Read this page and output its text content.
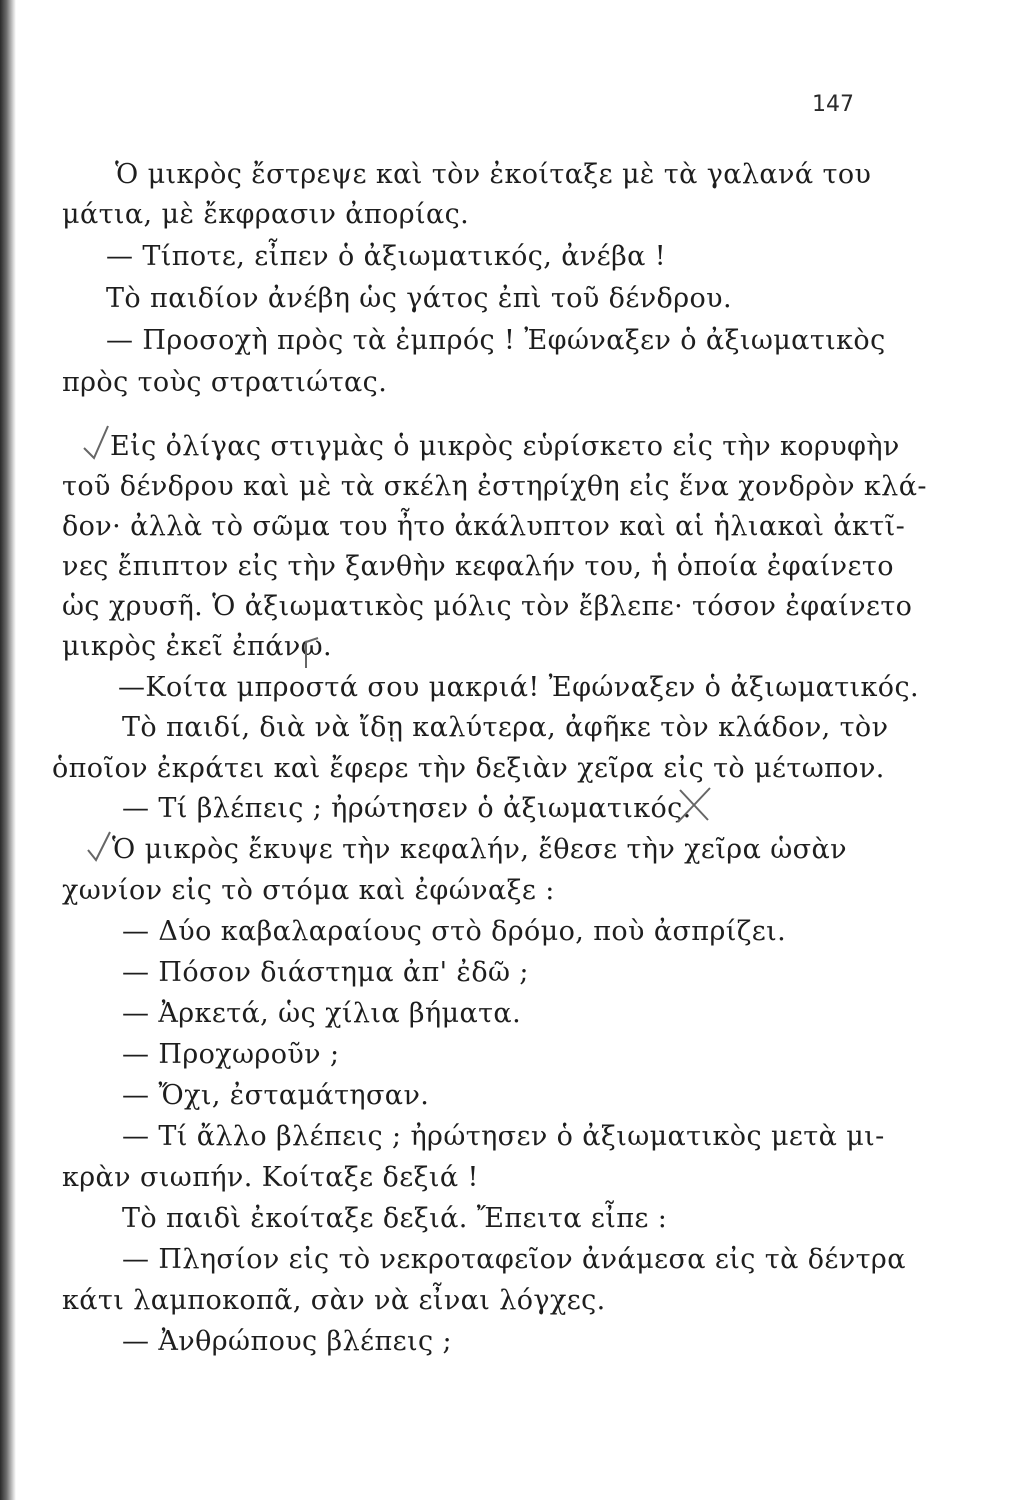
147
Ὁ μικρὸς ἔστρεψε καὶ τὸν ἐκοίταξε μὲ τὰ γαλανά του
μάτια, μὲ ἔκφρασιν ἀπορίας.
— Τίποτε, εἶπεν ὁ ἀξιωματικός, ἀνέβα !
Τὸ παιδίον ἀνέβη ὡς γάτος ἐπὶ τοῦ δένδρου.
— Προσοχὴ πρὸς τὰ ἐμπρός ! Ἐφώναξεν ὁ ἀξιωματικὸς
πρὸς τοὺς στρατιώτας.
Εἰς ὀλίγας στιγμὰς ὁ μικρὸς εὑρίσκετο εἰς τὴν κορυφὴν
τοῦ δένδρου καὶ μὲ τὰ σκέλη ἐστηρίχθη εἰς ἕνα χονδρὸν κλά-
δον· ἀλλὰ τὸ σῶμα του ἦτο ἀκάλυπτον καὶ αἱ ἡλιακαὶ ἀκτῖ-
νες ἔπιπτον εἰς τὴν ξανθὴν κεφαλήν του, ἡ ὁποία ἐφαίνετο
ὡς χρυσῆ. Ὁ ἀξιωματικὸς μόλις τὸν ἔβλεπε· τόσον ἐφαίνετο
μικρὸς ἐκεῖ ἐπάνω.
—Κοίτα μπροστά σου μακριά! Ἐφώναξεν ὁ ἀξιωματικός.
Τὸ παιδί, διὰ νὰ ἴδῃ καλύτερα, ἀφῆκε τὸν κλάδον, τὸν
ὁποῖον ἐκράτει καὶ ἔφερε τὴν δεξιὰν χεῖρα εἰς τὸ μέτωπον.
— Τί βλέπεις ; ἠρώτησεν ὁ ἀξιωματικός.
Ὁ μικρὸς ἔκυψε τὴν κεφαλήν, ἔθεσε τὴν χεῖρα ὡσὰν
χωνίον εἰς τὸ στόμα καὶ ἐφώναξε :
— Δύο καβαλαραίους στὸ δρόμο, ποὺ ἀσπρίζει.
— Πόσον διάστημα ἀπ' ἐδῶ ;
— Ἀρκετά, ὡς χίλια βήματα.
— Προχωροῦν ;
— Ὄχι, ἐσταμάτησαν.
— Τί ἄλλο βλέπεις ; ἠρώτησεν ὁ ἀξιωματικὸς μετὰ μι-
κρὰν σιωπήν. Κοίταξε δεξιά !
Τὸ παιδὶ ἐκοίταξε δεξιά. Ἔπειτα εἶπε :
— Πλησίον εἰς τὸ νεκροταφεῖον ἀνάμεσα εἰς τὰ δέντρα
κάτι λαμποκοπᾶ, σὰν νὰ εἶναι λόγχες.
— Ἀνθρώπους βλέπεις ;
